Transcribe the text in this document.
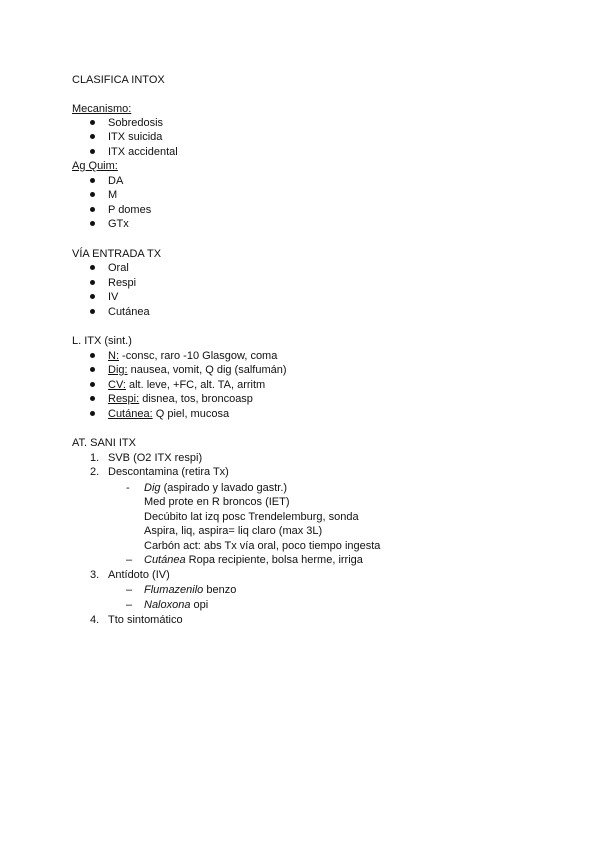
CLASIFICA INTOX
Mecanismo:
Sobredosis
ITX suicida
ITX accidental
Ag Quim:
DA
M
P domes
GTx
VÍA ENTRADA TX
Oral
Respi
IV
Cutánea
L. ITX (sint.)
N: -consc, raro -10 Glasgow, coma
Dig: nausea, vomit, Q dig (salfumán)
CV: alt. leve, +FC, alt. TA, arritm
Respi: disnea, tos, broncoasp
Cutánea: Q piel, mucosa
AT. SANI ITX
1. SVB (O2 ITX respi)
2. Descontamina (retira Tx)
- Dig (aspirado y lavado gastr.)
Med prote en R broncos (IET)
Decúbito lat izq posc Trendelemburg, sonda
Aspira, liq, aspira= liq claro (max 3L)
Carbón act: abs Tx vía oral, poco tiempo ingesta
– Cutánea Ropa recipiente, bolsa herme, irriga
3. Antídoto (IV)
– Flumazenilo benzo
– Naloxona opi
4. Tto sintomático
